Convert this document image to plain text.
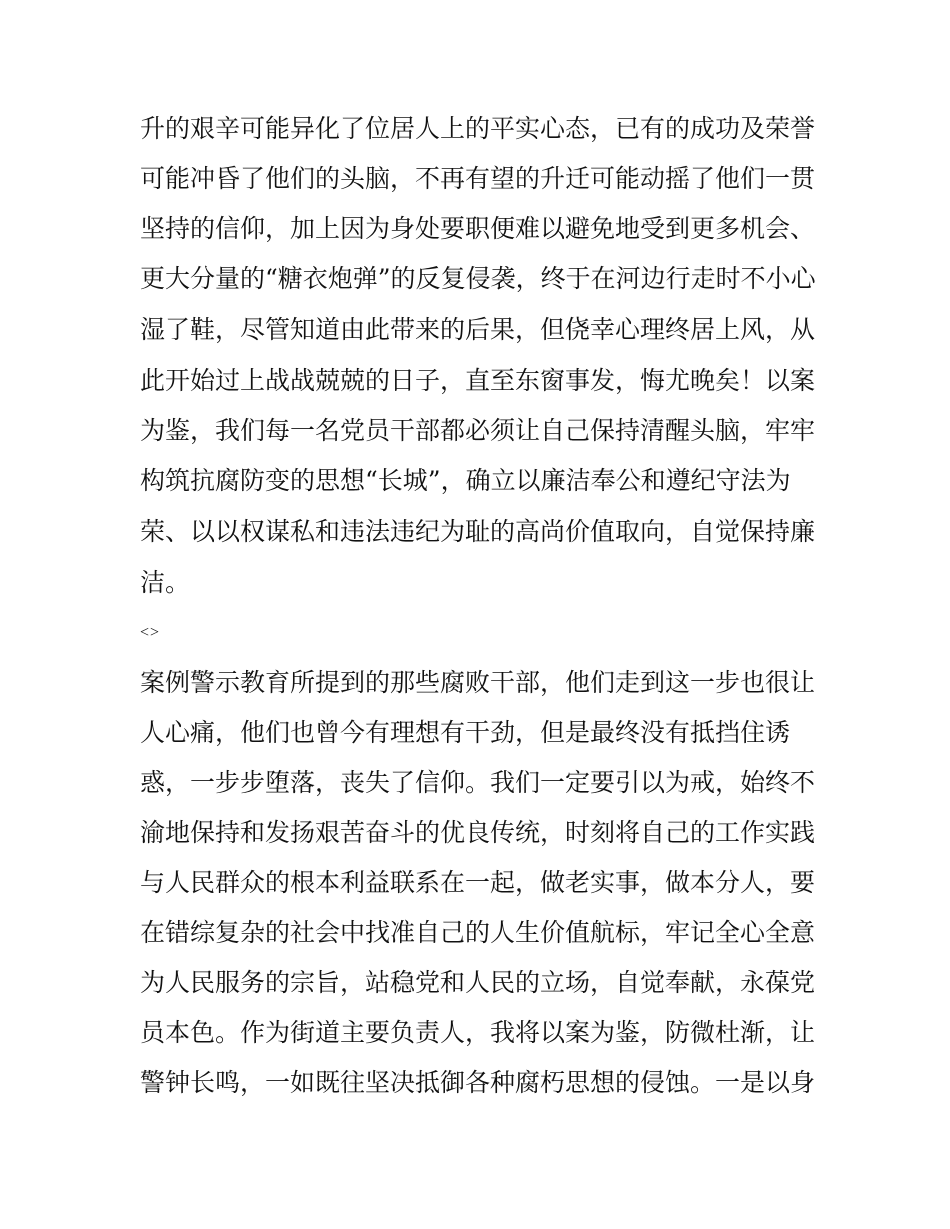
升的艰辛可能异化了位居人上的平实心态，已有的成功及荣誉
可能冲昏了他们的头脑，不再有望的升迁可能动摇了他们一贯
坚持的信仰，加上因为身处要职便难以避免地受到更多机会、
更大分量的“糖衣炮弹”的反复侵袭，终于在河边行走时不小心
湿了鞋，尽管知道由此带来的后果，但侥幸心理终居上风，从
此开始过上战战兢兢的日子，直至东窗事发，悔尤晚矣！以案
为鉴，我们每一名党员干部都必须让自己保持清醒头脑，牢牢
构筑抗腐防变的思想“长城”，确立以廉洁奉公和遵纪守法为
荣、以以权谋私和违法违纪为耻的高尚价值取向，自觉保持廉
洁。
<>
案例警示教育所提到的那些腐败干部，他们走到这一步也很让
人心痛，他们也曾今有理想有干劲，但是最终没有抵挡住诱
惑，一步步堕落，丧失了信仰。我们一定要引以为戒，始终不
渝地保持和发扬艰苦奋斗的优良传统，时刻将自己的工作实践
与人民群众的根本利益联系在一起，做老实事，做本分人，要
在错综复杂的社会中找准自己的人生价值航标，牢记全心全意
为人民服务的宗旨，站稳党和人民的立场，自觉奉献，永葆党
员本色。作为街道主要负责人，我将以案为鉴，防微杜渐，让
警钟长鸣，一如既往坚决抵御各种腐朽思想的侵蚀。一是以身
